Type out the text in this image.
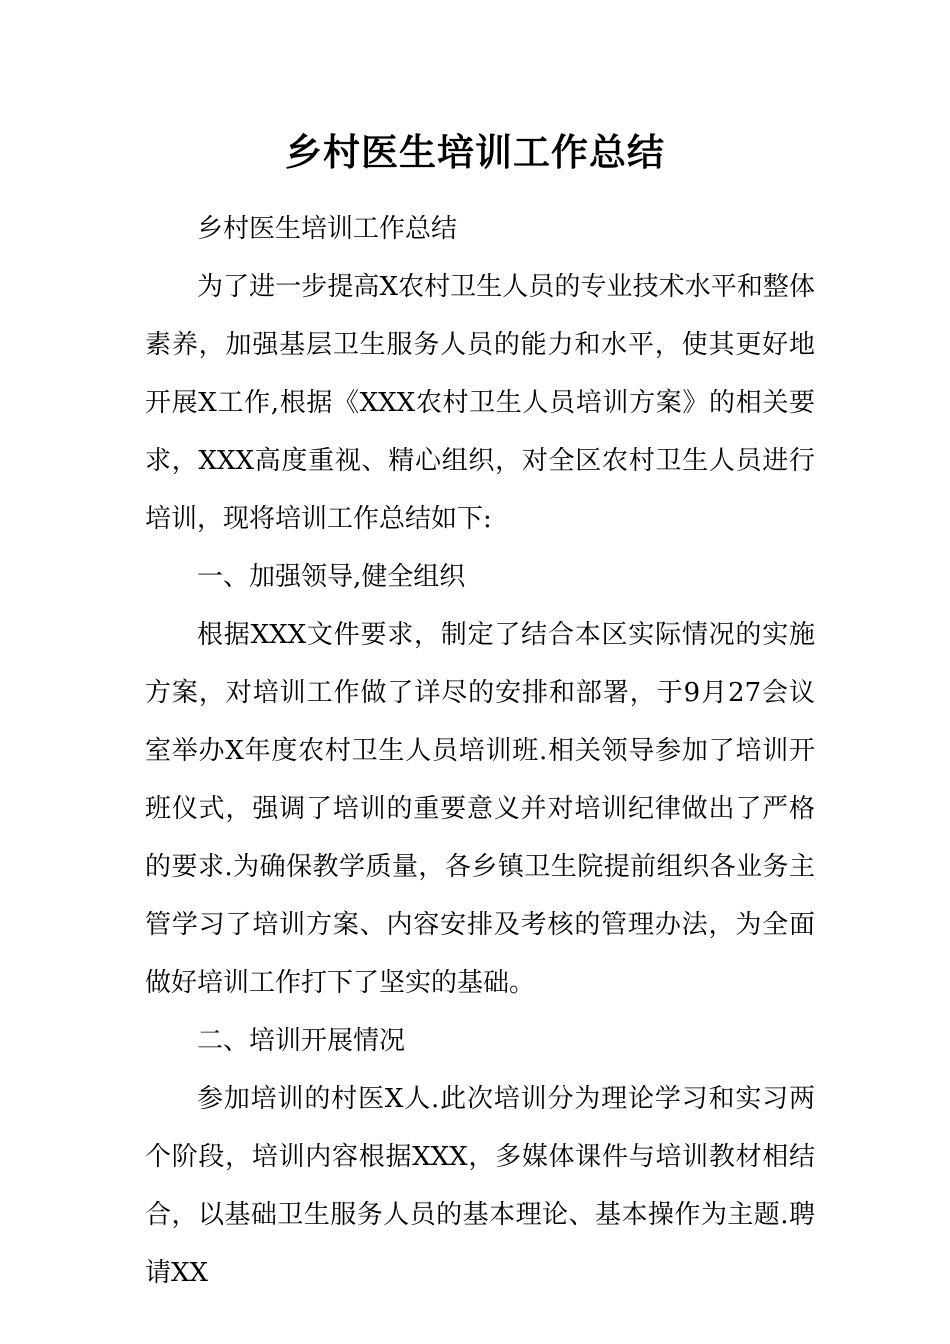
乡村医生培训工作总结

乡村医生培训工作总结

为了进一步提高X农村卫生人员的专业技术水平和整体素养，加强基层卫生服务人员的能力和水平，使其更好地开展X工作,根据《XXX农村卫生人员培训方案》的相关要求，XXX高度重视、精心组织，对全区农村卫生人员进行培训，现将培训工作总结如下:

一、加强领导,健全组织

根据XXX文件要求，制定了结合本区实际情况的实施方案，对培训工作做了详尽的安排和部署，于9月27会议室举办X年度农村卫生人员培训班.相关领导参加了培训开班仪式，强调了培训的重要意义并对培训纪律做出了严格的要求.为确保教学质量，各乡镇卫生院提前组织各业务主管学习了培训方案、内容安排及考核的管理办法，为全面做好培训工作打下了坚实的基础。

二、培训开展情况

参加培训的村医X人.此次培训分为理论学习和实习两个阶段，培训内容根据XXX，多媒体课件与培训教材相结合，以基础卫生服务人员的基本理论、基本操作为主题.聘请XX
